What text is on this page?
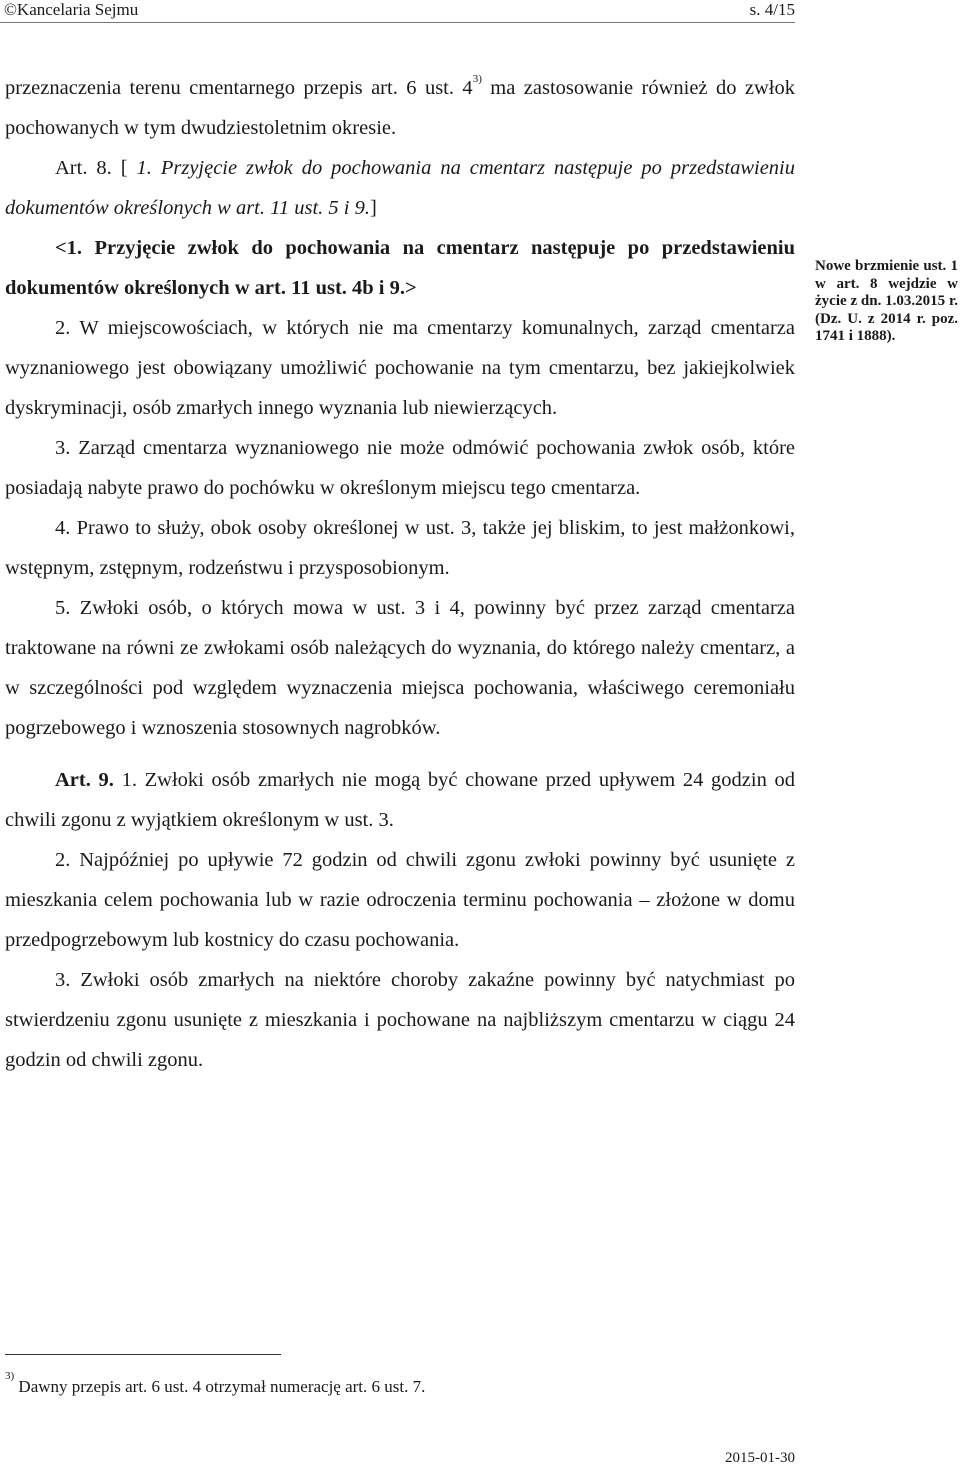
©Kancelaria Sejmu	s. 4/15

przeznaczenia terenu cmentarnego przepis art. 6 ust. 4$^{3)}$ ma zastosowanie również do zwłok pochowanych w tym dwudziestoletnim okresie.

Art. 8. [ 1. Przyjęcie zwłok do pochowania na cmentarz następuje po przedstawieniu dokumentów określonych w art. 11 ust. 5 i 9.]

<1. Przyjęcie zwłok do pochowania na cmentarz następuje po przedstawieniu dokumentów określonych w art. 11 ust. 4b i 9.>

2. W miejscowościach, w których nie ma cmentarzy komunalnych, zarząd cmentarza wyznaniowego jest obowiązany umożliwić pochowanie na tym cmentarzu, bez jakiejkolwiek dyskryminacji, osób zmarłych innego wyznania lub niewierzących.

3. Zarząd cmentarza wyznaniowego nie może odmówić pochowania zwłok osób, które posiadają nabyte prawo do pochówku w określonym miejscu tego cmentarza.

4. Prawo to służy, obok osoby określonej w ust. 3, także jej bliskim, to jest małżonkowi, wstępnym, zstępnym, rodzeństwu i przysposobionym.

5. Zwłoki osób, o których mowa w ust. 3 i 4, powinny być przez zarząd cmentarza traktowane na równi ze zwłokami osób należących do wyznania, do którego należy cmentarz, a w szczególności pod względem wyznaczenia miejsca pochowania, właściwego ceremoniału pogrzebowego i wznoszenia stosownych nagrobków.

Art. 9. 1. Zwłoki osób zmarłych nie mogą być chowane przed upływem 24 godzin od chwili zgonu z wyjątkiem określonym w ust. 3.

2. Najpóźniej po upływie 72 godzin od chwili zgonu zwłoki powinny być usunięte z mieszkania celem pochowania lub w razie odroczenia terminu pochowania – złożone w domu przedpogrzebowym lub kostnicy do czasu pochowania.

3. Zwłoki osób zmarłych na niektóre choroby zakaźne powinny być natychmiast po stwierdzeniu zgonu usunięte z mieszkania i pochowane na najbliższym cmentarzu w ciągu 24 godzin od chwili zgonu.

Nowe brzmienie ust. 1 w art. 8 wejdzie w życie z dn. 1.03.2015 r. (Dz. U. z 2014 r. poz. 1741 i 1888).
$^{3)}$ Dawny przepis art. 6 ust. 4 otrzymał numerację art. 6 ust. 7.
2015-01-30
